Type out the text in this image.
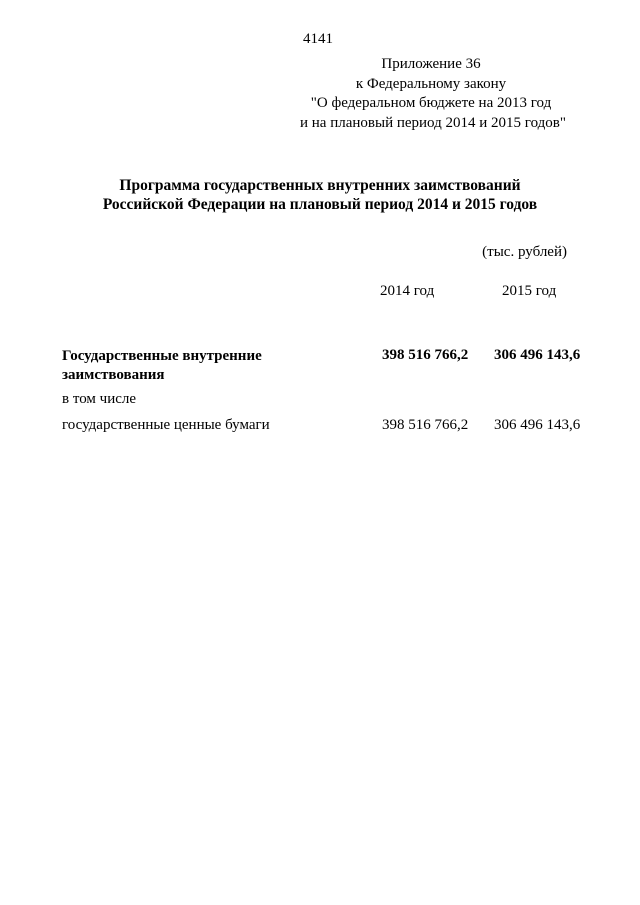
4141
Приложение 36
к Федеральному закону
"О федеральном бюджете на 2013 год
и на плановый период 2014 и 2015 годов"
Программа государственных внутренних заимствований
Российской Федерации на плановый период 2014 и 2015 годов
(тыс. рублей)
2014 год	2015 год
Государственные внутренние заимствования
398 516 766,2 306 496 143,6
в том числе
государственные ценные бумаги	398 516 766,2 306 496 143,6
